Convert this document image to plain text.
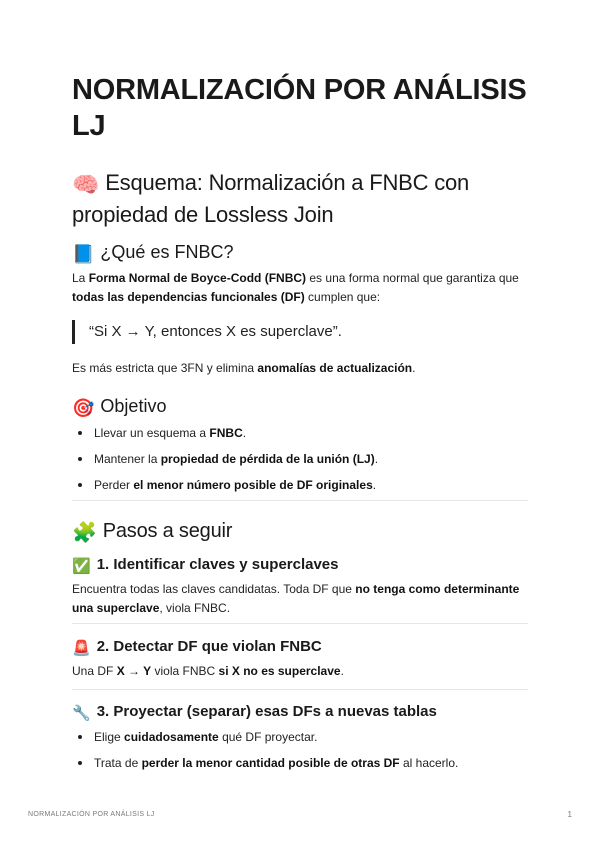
NORMALIZACIÓN POR ANÁLISIS LJ
🧠 Esquema: Normalización a FNBC con propiedad de Lossless Join
📘 ¿Qué es FNBC?

La Forma Normal de Boyce-Codd (FNBC) es una forma normal que garantiza que todas las dependencias funcionales (DF) cumplen que:

“Si X → Y, entonces X es superclave”.

Es más estricta que 3FN y elimina anomalías de actualización.

🎯 Objetivo
Llevar un esquema a FNBC.
Mantener la propiedad de pérdida de la unión (LJ).
Perder el menor número posible de DF originales.
🧩 Pasos a seguir
✅ 1. Identificar claves y superclaves

Encuentra todas las claves candidatas. Toda DF que no tenga como determinante una superclave, viola FNBC.

🚨 2. Detectar DF que violan FNBC

Una DF X → Y viola FNBC si X no es superclave.

🔧 3. Proyectar (separar) esas DFs a nuevas tablas
Elige cuidadosamente qué DF proyectar.
Trata de perder la menor cantidad posible de otras DF al hacerlo.
NORMALIZACIÓN POR ANÁLISIS LJ	1
